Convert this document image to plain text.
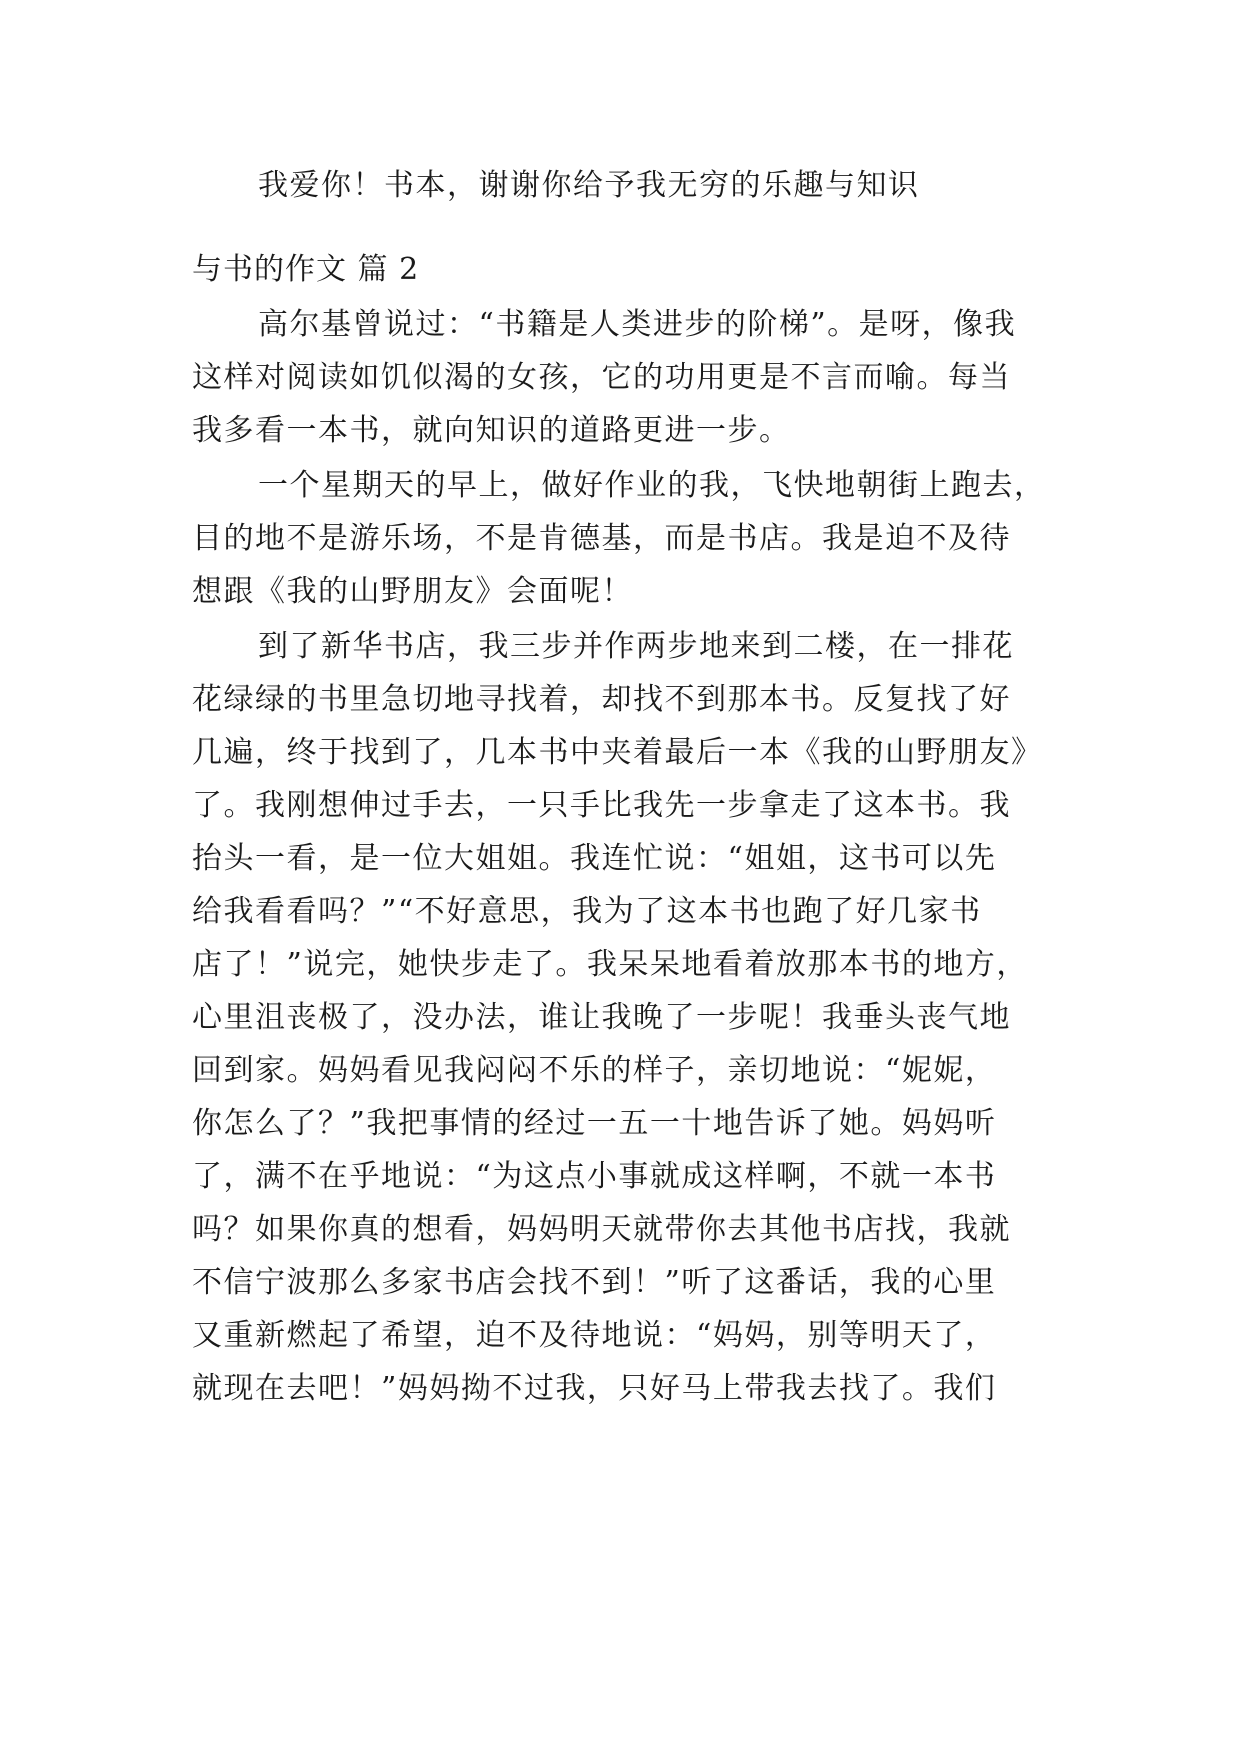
我爱你！书本，谢谢你给予我无穷的乐趣与知识
与书的作文 篇 2
高尔基曾说过：“书籍是人类进步的阶梯”。是呀，像我
这样对阅读如饥似渴的女孩，它的功用更是不言而喻。每当
我多看一本书，就向知识的道路更进一步。
一个星期天的早上，做好作业的我，飞快地朝街上跑去，
目的地不是游乐场，不是肯德基，而是书店。我是迫不及待
想跟《我的山野朋友》会面呢！
到了新华书店，我三步并作两步地来到二楼，在一排花
花绿绿的书里急切地寻找着，却找不到那本书。反复找了好
几遍，终于找到了，几本书中夹着最后一本《我的山野朋友》
了。我刚想伸过手去，一只手比我先一步拿走了这本书。我
抬头一看，是一位大姐姐。我连忙说：“姐姐，这书可以先
给我看看吗？”“不好意思，我为了这本书也跑了好几家书
店了！”说完，她快步走了。我呆呆地看着放那本书的地方，
心里沮丧极了，没办法，谁让我晚了一步呢！我垂头丧气地
回到家。妈妈看见我闷闷不乐的样子，亲切地说：“妮妮，
你怎么了？”我把事情的经过一五一十地告诉了她。妈妈听
了，满不在乎地说：“为这点小事就成这样啊，不就一本书
吗？如果你真的想看，妈妈明天就带你去其他书店找，我就
不信宁波那么多家书店会找不到！”听了这番话，我的心里
又重新燃起了希望，迫不及待地说：“妈妈，别等明天了，
就现在去吧！”妈妈拗不过我，只好马上带我去找了。我们
